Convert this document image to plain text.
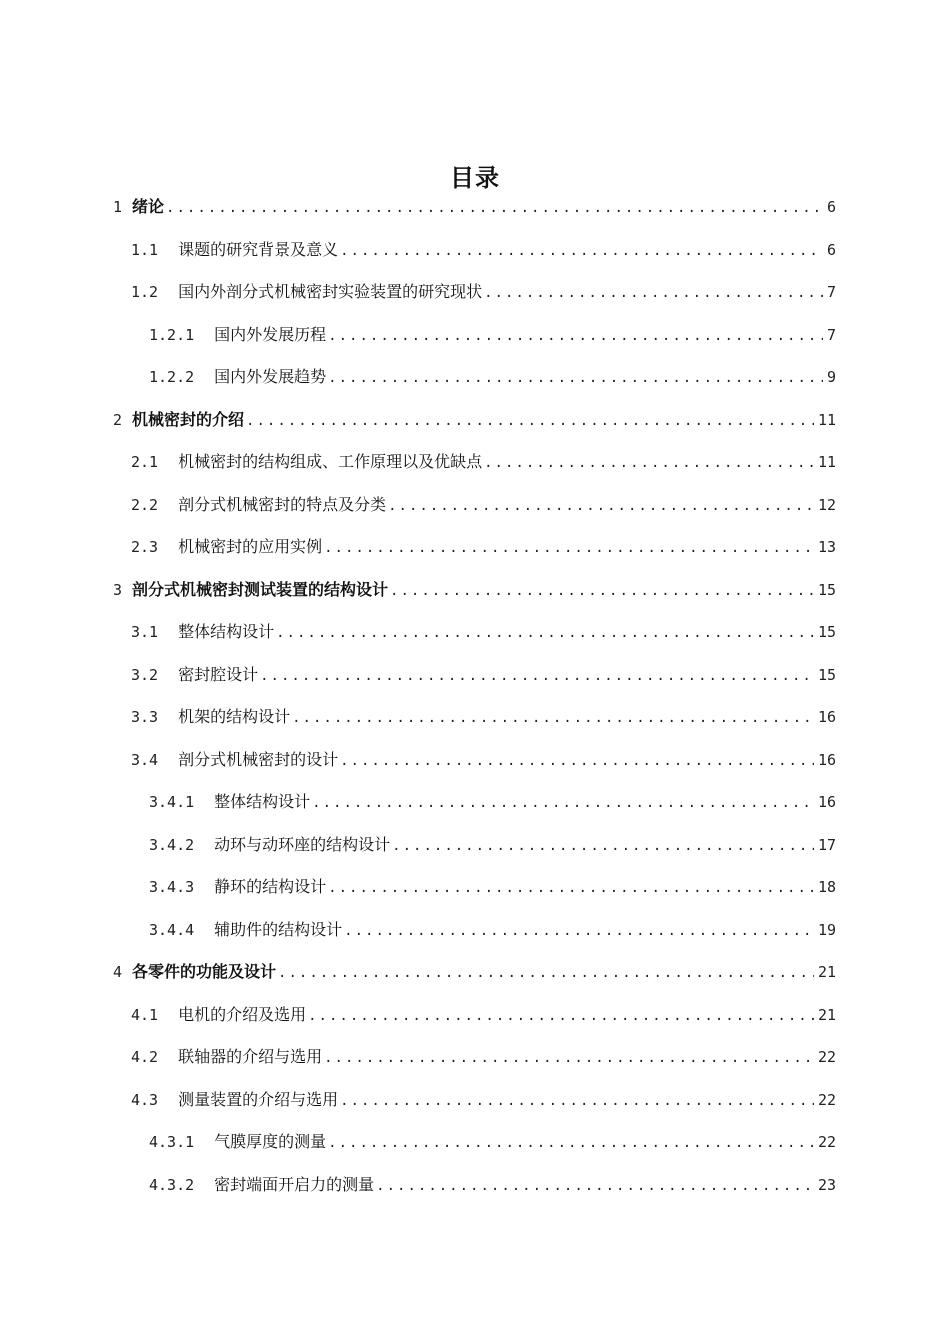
目录
1 绪论 .....	6
1.1 课题的研究背景及意义 .....	6
1.2 国内外剖分式机械密封实验装置的研究现状 .....	7
1.2.1 国内外发展历程 .....	7
1.2.2 国内外发展趋势 .....	9
2 机械密封的介绍 .....	11
2.1 机械密封的结构组成、工作原理以及优缺点 .....	11
2.2 剖分式机械密封的特点及分类 .....	12
2.3 机械密封的应用实例 .....	13
3 剖分式机械密封测试装置的结构设计 .....	15
3.1 整体结构设计 .....	15
3.2 密封腔设计 .....	15
3.3 机架的结构设计 .....	16
3.4 剖分式机械密封的设计 .....	16
3.4.1 整体结构设计 .....	16
3.4.2 动环与动环座的结构设计 .....	17
3.4.3 静环的结构设计 .....	18
3.4.4 辅助件的结构设计 .....	19
4 各零件的功能及设计 .....	21
4.1 电机的介绍及选用 .....	21
4.2 联轴器的介绍与选用 .....	22
4.3 测量装置的介绍与选用 .....	22
4.3.1 气膜厚度的测量 .....	22
4.3.2 密封端面开启力的测量 .....	23
